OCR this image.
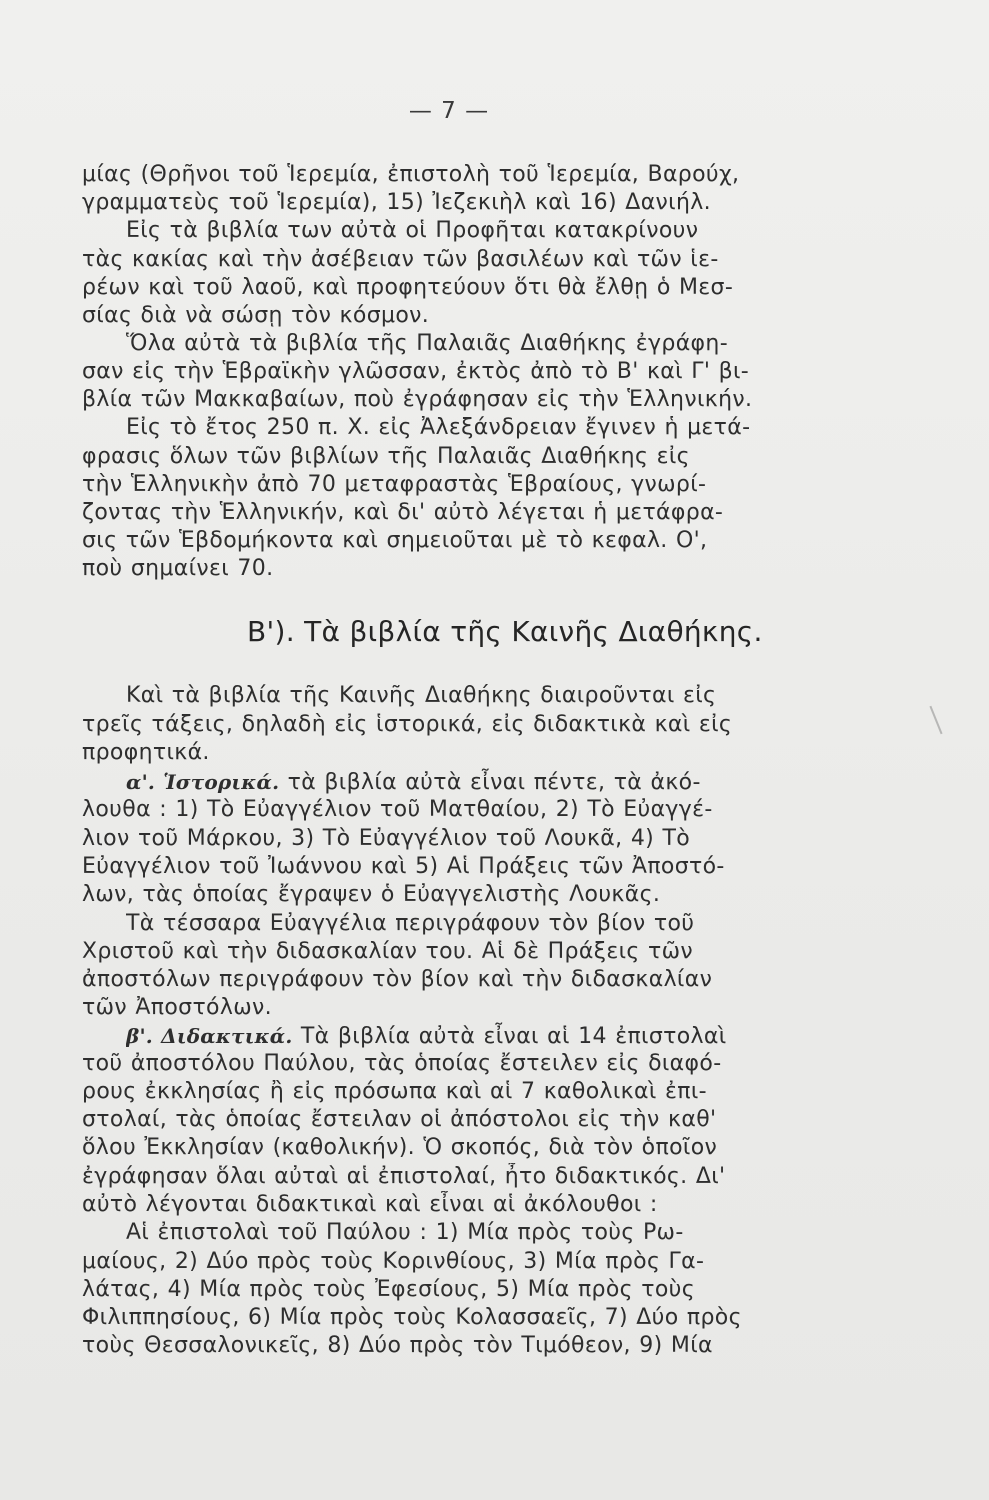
— 7 —
μίας (Θρῆνοι τοῦ Ἱερεμία, ἐπιστολὴ τοῦ Ἱερεμία, Βαρούχ,
γραμματεὺς τοῦ Ἱερεμία), 15) Ἰεζεκιὴλ καὶ 16) Δανιήλ.
Εἰς τὰ βιβλία των αὐτὰ οἱ Προφῆται κατακρίνουν
τὰς κακίας καὶ τὴν ἀσέβειαν τῶν βασιλέων καὶ τῶν ἱε-
ρέων καὶ τοῦ λαοῦ, καὶ προφητεύουν ὅτι θὰ ἔλθῃ ὁ Μεσ-
σίας διὰ νὰ σώσῃ τὸν κόσμον.
Ὅλα αὐτὰ τὰ βιβλία τῆς Παλαιᾶς Διαθήκης ἐγράφη-
σαν εἰς τὴν Ἑβραϊκὴν γλῶσσαν, ἐκτὸς ἀπὸ τὸ Β' καὶ Γ' βι-
βλία τῶν Μακκαβαίων, ποὺ ἐγράφησαν εἰς τὴν Ἑλληνικήν.
Εἰς τὸ ἔτος 250 π. Χ. εἰς Ἀλεξάνδρειαν ἔγινεν ἡ μετά-
φρασις ὅλων τῶν βιβλίων τῆς Παλαιᾶς Διαθήκης εἰς
τὴν Ἑλληνικὴν ἀπὸ 70 μεταφραστὰς Ἑβραίους, γνωρί-
ζοντας τὴν Ἑλληνικήν, καὶ δι' αὐτὸ λέγεται ἡ μετάφρα-
σις τῶν Ἑβδομήκοντα καὶ σημειοῦται μὲ τὸ κεφαλ. Ο',
ποὺ σημαίνει 70.
Β'). Τὰ βιβλία τῆς Καινῆς Διαθήκης.
Καὶ τὰ βιβλία τῆς Καινῆς Διαθήκης διαιροῦνται εἰς
τρεῖς τάξεις, δηλαδὴ εἰς ἱστορικά, εἰς διδακτικὰ καὶ εἰς
προφητικά.
α'. Ἱστορικά. τὰ βιβλία αὐτὰ εἶναι πέντε, τὰ ἀκό-
λουθα : 1) Τὸ Εὐαγγέλιον τοῦ Ματθαίου, 2) Τὸ Εὐαγγέ-
λιον τοῦ Μάρκου, 3) Τὸ Εὐαγγέλιον τοῦ Λουκᾶ, 4) Τὸ
Εὐαγγέλιον τοῦ Ἰωάννου καὶ 5) Αἱ Πράξεις τῶν Ἀποστό-
λων, τὰς ὁποίας ἔγραψεν ὁ Εὐαγγελιστὴς Λουκᾶς.
Τὰ τέσσαρα Εὐαγγέλια περιγράφουν τὸν βίον τοῦ
Χριστοῦ καὶ τὴν διδασκαλίαν του. Αἱ δὲ Πράξεις τῶν
ἀποστόλων περιγράφουν τὸν βίον καὶ τὴν διδασκαλίαν
τῶν Ἀποστόλων.
β'. Διδακτικά. Τὰ βιβλία αὐτὰ εἶναι αἱ 14 ἐπιστολαὶ
τοῦ ἀποστόλου Παύλου, τὰς ὁποίας ἔστειλεν εἰς διαφό-
ρους ἐκκλησίας ἢ εἰς πρόσωπα καὶ αἱ 7 καθολικαὶ ἐπι-
στολαί, τὰς ὁποίας ἔστειλαν οἱ ἀπόστολοι εἰς τὴν καθ'
ὅλου Ἐκκλησίαν (καθολικήν). Ὁ σκοπός, διὰ τὸν ὁποῖον
ἐγράφησαν ὅλαι αὐταὶ αἱ ἐπιστολαί, ἦτο διδακτικός. Δι'
αὐτὸ λέγονται διδακτικαὶ καὶ εἶναι αἱ ἀκόλουθοι :
Αἱ ἐπιστολαὶ τοῦ Παύλου : 1) Μία πρὸς τοὺς Ρω-
μαίους, 2) Δύο πρὸς τοὺς Κορινθίους, 3) Μία πρὸς Γα-
λάτας, 4) Μία πρὸς τοὺς Ἐφεσίους, 5) Μία πρὸς τοὺς
Φιλιππησίους, 6) Μία πρὸς τοὺς Κολασσαεῖς, 7) Δύο πρὸς
τοὺς Θεσσαλονικεῖς, 8) Δύο πρὸς τὸν Τιμόθεον, 9) Μία
